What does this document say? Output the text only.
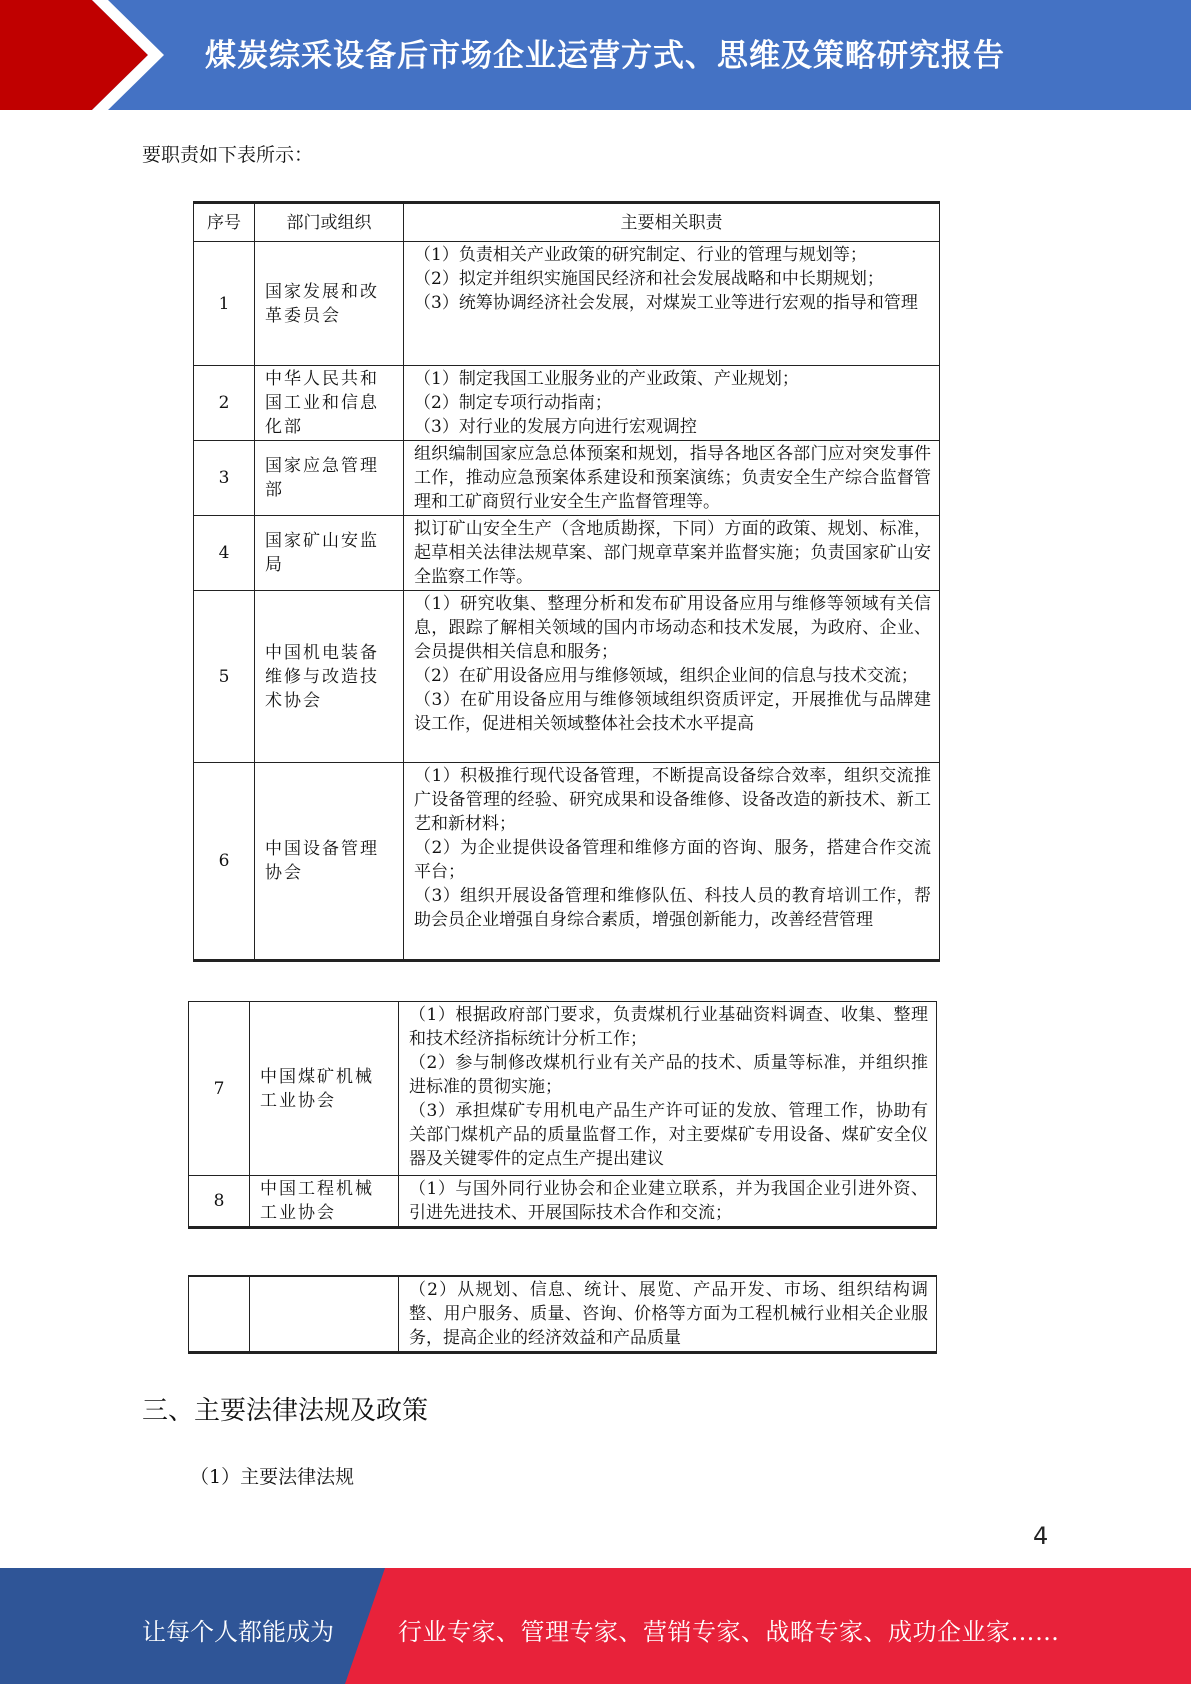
煤炭综采设备后市场企业运营方式、思维及策略研究报告
要职责如下表所示：
序号	部门或组织	主要相关职责
1	国家发展和改革委员会	（1）负责相关产业政策的研究制定、行业的管理与规划等；
（2）拟定并组织实施国民经济和社会发展战略和中长期规划；
（3）统筹协调经济社会发展，对煤炭工业等进行宏观的指导和管理

2	中华人民共和国工业和信息化部	（1）制定我国工业服务业的产业政策、产业规划；
（2）制定专项行动指南；
（3）对行业的发展方向进行宏观调控

3	国家应急管理部	组织编制国家应急总体预案和规划，指导各地区各部门应对突发事件工作，推动应急预案体系建设和预案演练；负责安全生产综合监督管理和工矿商贸行业安全生产监督管理等。

4	国家矿山安监局	拟订矿山安全生产（含地质勘探，下同）方面的政策、规划、标准，起草相关法律法规草案、部门规章草案并监督实施；负责国家矿山安全监察工作等。

5	中国机电装备维修与改造技术协会	（1）研究收集、整理分析和发布矿用设备应用与维修等领域有关信息，跟踪了解相关领域的国内市场动态和技术发展，为政府、企业、会员提供相关信息和服务；
（2）在矿用设备应用与维修领域，组织企业间的信息与技术交流；
（3）在矿用设备应用与维修领域组织资质评定，开展推优与品牌建设工作，促进相关领域整体社会技术水平提高

6	中国设备管理协会	（1）积极推行现代设备管理，不断提高设备综合效率，组织交流推广设备管理的经验、研究成果和设备维修、设备改造的新技术、新工艺和新材料；
（2）为企业提供设备管理和维修方面的咨询、服务，搭建合作交流平台；
（3）组织开展设备管理和维修队伍、科技人员的教育培训工作，帮助会员企业增强自身综合素质，增强创新能力，改善经营管理
7	中国煤矿机械工业协会	（1）根据政府部门要求，负责煤机行业基础资料调查、收集、整理和技术经济指标统计分析工作；
（2）参与制修改煤机行业有关产品的技术、质量等标准，并组织推进标准的贯彻实施；
（3）承担煤矿专用机电产品生产许可证的发放、管理工作，协助有关部门煤机产品的质量监督工作，对主要煤矿专用设备、煤矿安全仪器及关键零件的定点生产提出建议

8	中国工程机械工业协会	（1）与国外同行业协会和企业建立联系，并为我国企业引进外资、引进先进技术、开展国际技术合作和交流；

（2）从规划、信息、统计、展览、产品开发、市场、组织结构调整、用户服务、质量、咨询、价格等方面为工程机械行业相关企业服务，提高企业的经济效益和产品质量
三、主要法律法规及政策
（1）主要法律法规
4
让每个人都能成为	行业专家、管理专家、营销专家、战略专家、成功企业家……
